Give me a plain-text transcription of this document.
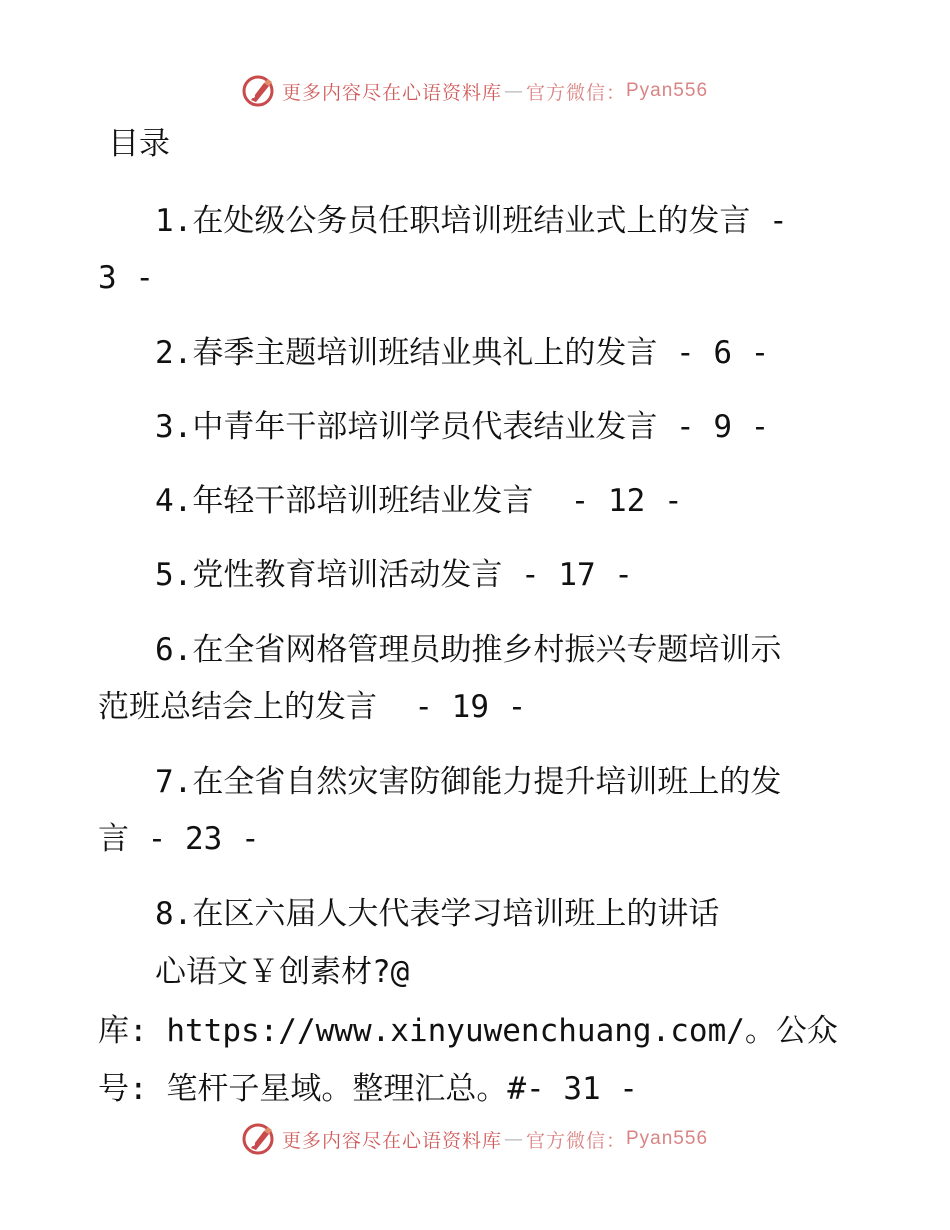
更多内容尽在心语资料库 — 官方微信： Pyan556
目录
1.在处级公务员任职培训班结业式上的发言 -
3 -
2.春季主题培训班结业典礼上的发言 - 6 -
3.中青年干部培训学员代表结业发言 - 9 -
4.年轻干部培训班结业发言  - 12 -
5.党性教育培训活动发言 - 17 -
6.在全省网格管理员助推乡村振兴专题培训示
范班总结会上的发言  - 19 -
7.在全省自然灾害防御能力提升培训班上的发
言 - 23 -
8.在区六届人大代表学习培训班上的讲话
心语文￥创素材?@
库: https://www.xinyuwenchuang.com/。公众
号: 笔杆子星域。整理汇总。#- 31 -
更多内容尽在心语资料库 — 官方微信： Pyan556
